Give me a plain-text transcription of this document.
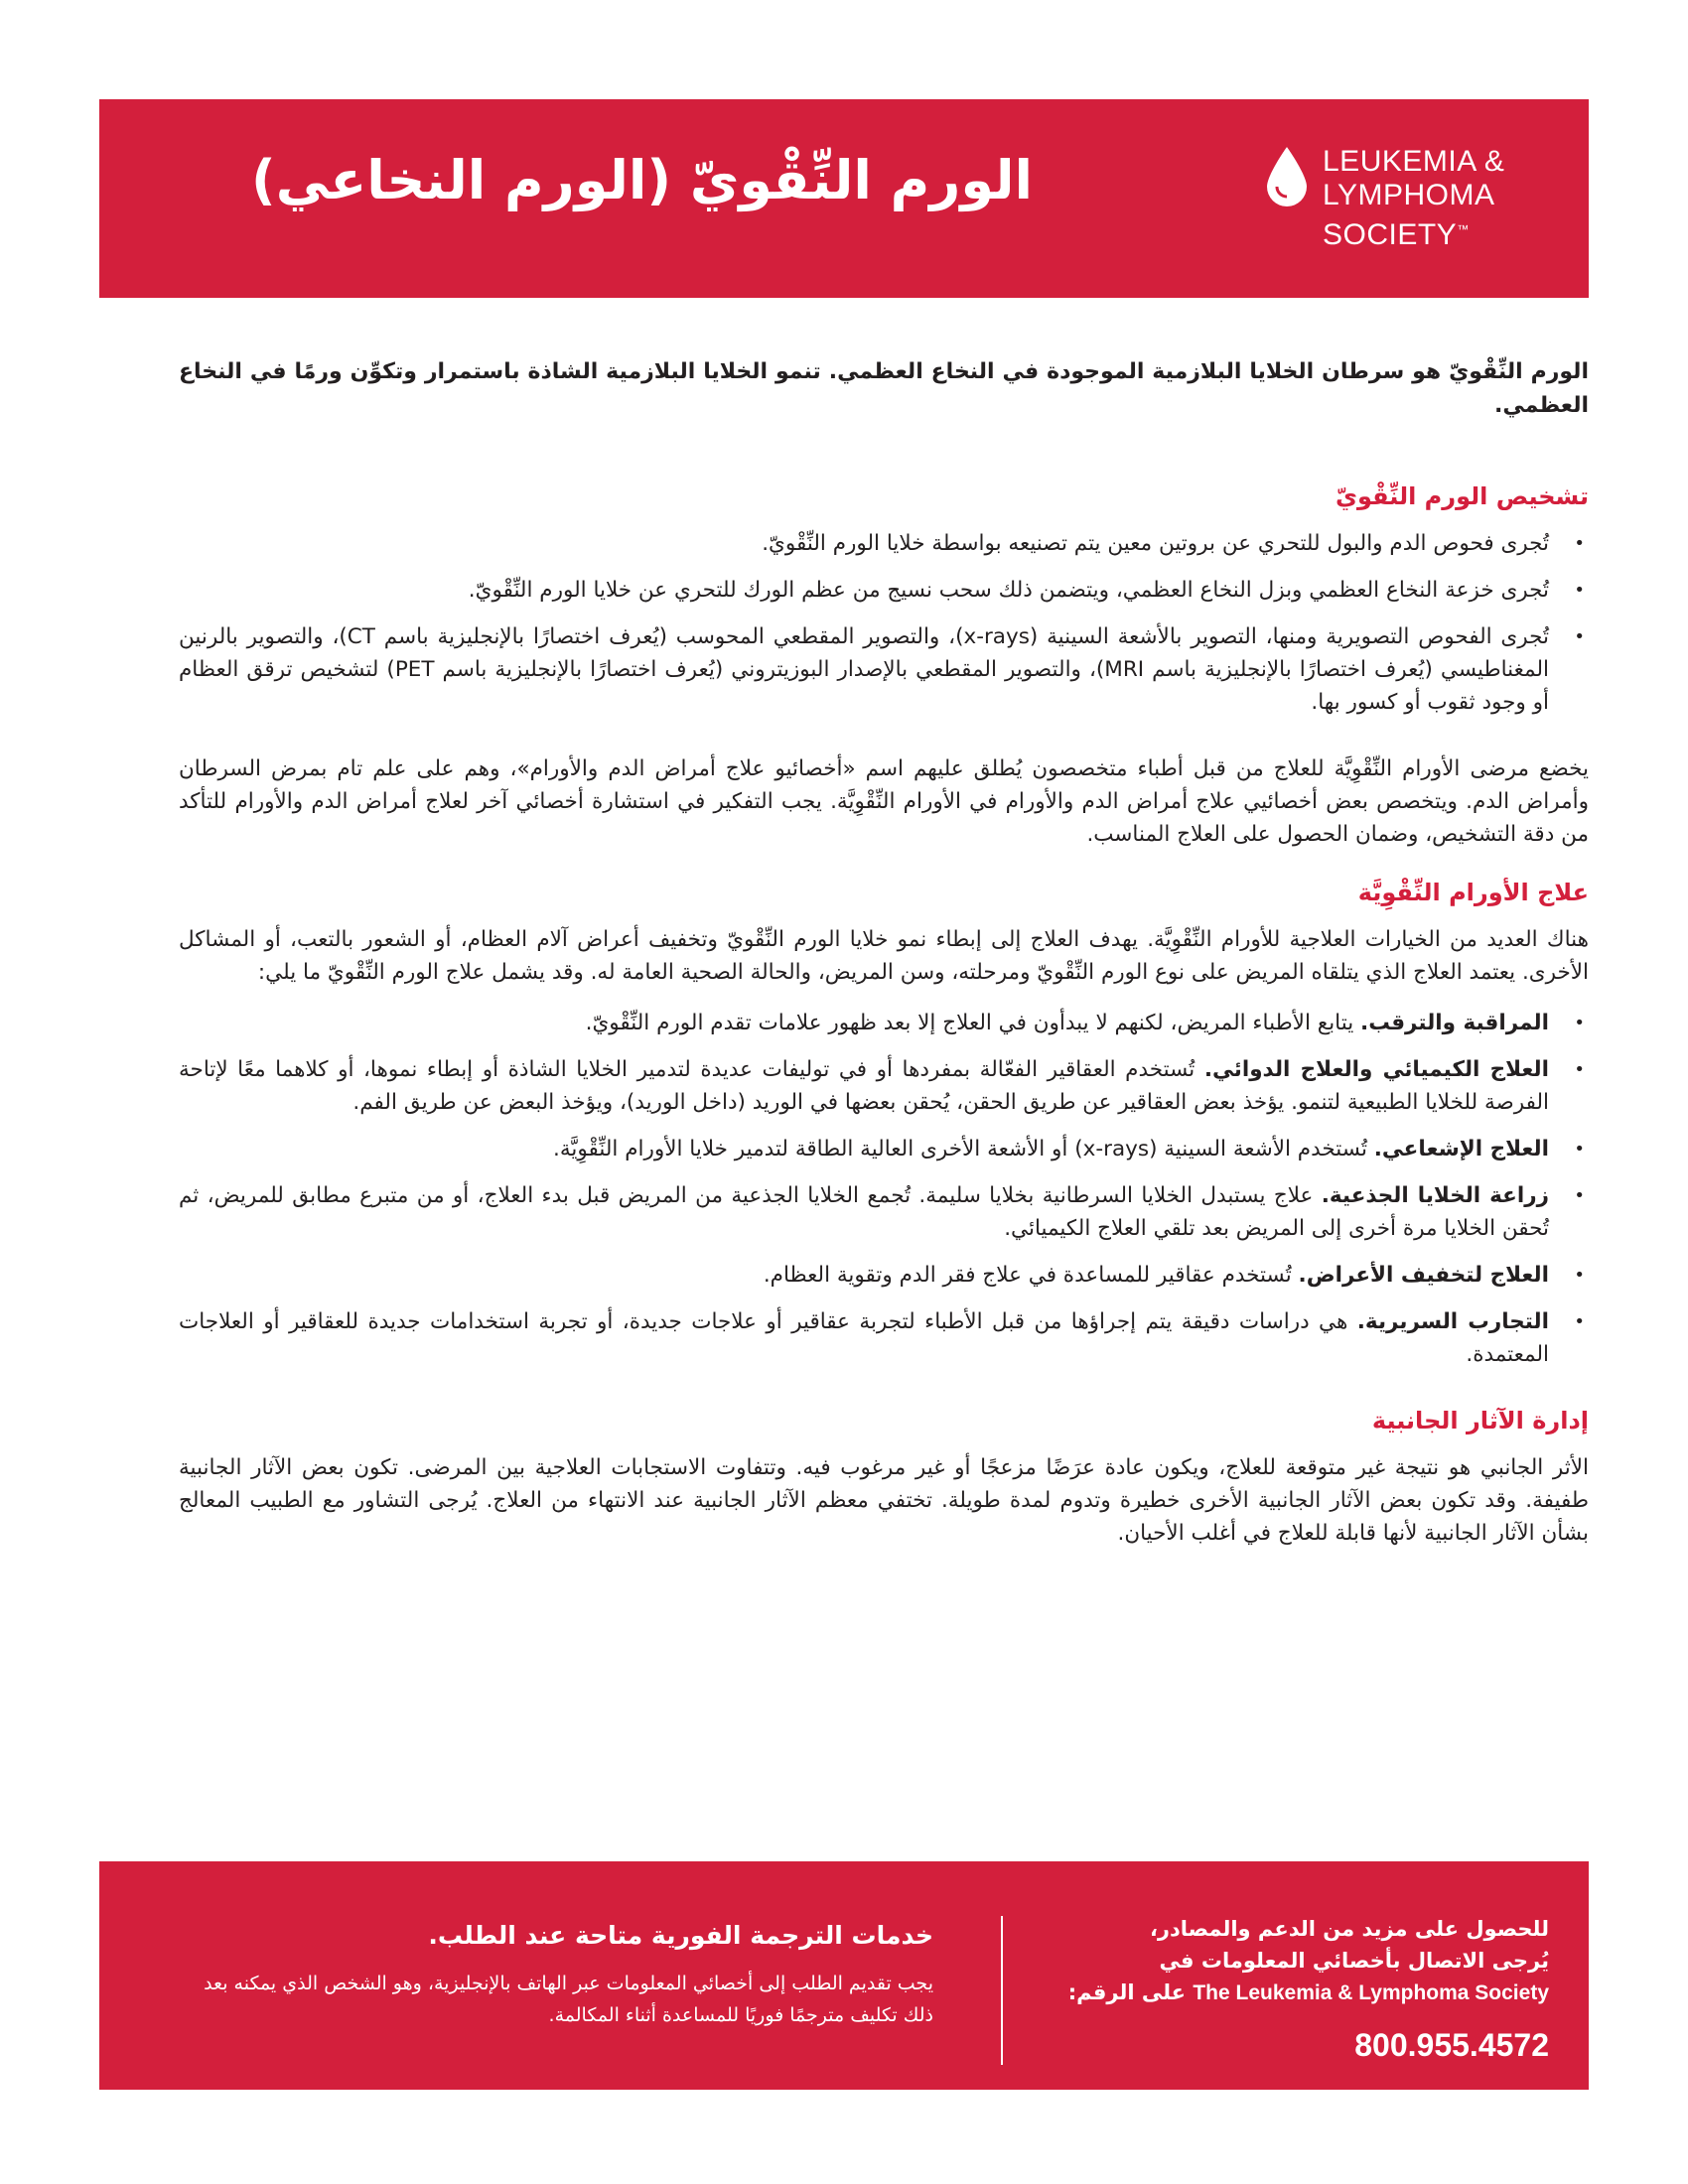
LEUKEMIA &
LYMPHOMA
SOCIETY™
الورم النِّقْويّ (الورم النخاعي)

الورم النِّقْويّ هو سرطان الخلايا البلازمية الموجودة في النخاع العظمي. تنمو الخلايا البلازمية الشاذة باستمرار وتكوِّن ورمًا في النخاع العظمي.

تشخيص الورم النِّقْويّ
•
تُجرى فحوص الدم والبول للتحري عن بروتين معين يتم تصنيعه بواسطة خلايا الورم النِّقْويّ.
•
تُجرى خزعة النخاع العظمي وبزل النخاع العظمي، ويتضمن ذلك سحب نسيج من عظم الورك للتحري عن خلايا الورم النِّقْويّ.
•
تُجرى الفحوص التصويرية ومنها، التصوير بالأشعة السينية (x-rays)، والتصوير المقطعي المحوسب (يُعرف اختصارًا بالإنجليزية باسم CT)، والتصوير بالرنين المغناطيسي (يُعرف اختصارًا بالإنجليزية باسم MRI)، والتصوير المقطعي بالإصدار البوزيتروني (يُعرف اختصارًا بالإنجليزية باسم PET) لتشخيص ترقق العظام أو وجود ثقوب أو كسور بها.

يخضع مرضى الأورام النِّقْوِيَّة للعلاج من قبل أطباء متخصصون يُطلق عليهم اسم «أخصائيو علاج أمراض الدم والأورام»، وهم على علم تام بمرض السرطان وأمراض الدم. ويتخصص بعض أخصائيي علاج أمراض الدم والأورام في الأورام النِّقْوِيَّة. يجب التفكير في استشارة أخصائي آخر لعلاج أمراض الدم والأورام للتأكد من دقة التشخيص، وضمان الحصول على العلاج المناسب.

علاج الأورام النِّقْوِيَّة

هناك العديد من الخيارات العلاجية للأورام النِّقْوِيَّة. يهدف العلاج إلى إبطاء نمو خلايا الورم النِّقْويّ وتخفيف أعراض آلام العظام، أو الشعور بالتعب، أو المشاكل الأخرى. يعتمد العلاج الذي يتلقاه المريض على نوع الورم النِّقْويّ ومرحلته، وسن المريض، والحالة الصحية العامة له. وقد يشمل علاج الورم النِّقْويّ ما يلي:

•
المراقبة والترقب. يتابع الأطباء المريض، لكنهم لا يبدأون في العلاج إلا بعد ظهور علامات تقدم الورم النِّقْويّ.
•
العلاج الكيميائي والعلاج الدوائي. تُستخدم العقاقير الفعّالة بمفردها أو في توليفات عديدة لتدمير الخلايا الشاذة أو إبطاء نموها، أو كلاهما معًا لإتاحة الفرصة للخلايا الطبيعية لتنمو. يؤخذ بعض العقاقير عن طريق الحقن، يُحقن بعضها في الوريد (داخل الوريد)، ويؤخذ البعض عن طريق الفم.
•
العلاج الإشعاعي. تُستخدم الأشعة السينية (x-rays) أو الأشعة الأخرى العالية الطاقة لتدمير خلايا الأورام النِّقْوِيَّة.
•
زراعة الخلايا الجذعية. علاج يستبدل الخلايا السرطانية بخلايا سليمة. تُجمع الخلايا الجذعية من المريض قبل بدء العلاج، أو من متبرع مطابق للمريض، ثم تُحقن الخلايا مرة أخرى إلى المريض بعد تلقي العلاج الكيميائي.
•
العلاج لتخفيف الأعراض. تُستخدم عقاقير للمساعدة في علاج فقر الدم وتقوية العظام.
•
التجارب السريرية. هي دراسات دقيقة يتم إجراؤها من قبل الأطباء لتجربة عقاقير أو علاجات جديدة، أو تجربة استخدامات جديدة للعقاقير أو العلاجات المعتمدة.
إدارة الآثار الجانبية

الأثر الجانبي هو نتيجة غير متوقعة للعلاج، ويكون عادة عرَضًا مزعجًا أو غير مرغوب فيه. وتتفاوت الاستجابات العلاجية بين المرضى. تكون بعض الآثار الجانبية طفيفة. وقد تكون بعض الآثار الجانبية الأخرى خطيرة وتدوم لمدة طويلة. تختفي معظم الآثار الجانبية عند الانتهاء من العلاج. يُرجى التشاور مع الطبيب المعالج بشأن الآثار الجانبية لأنها قابلة للعلاج في أغلب الأحيان.

للحصول على مزيد من الدعم والمصادر،
يُرجى الاتصال بأخصائي المعلومات في
The Leukemia & Lymphoma Society على الرقم:
800.955.4572
خدمات الترجمة الفورية متاحة عند الطلب.
يجب تقديم الطلب إلى أخصائي المعلومات عبر الهاتف بالإنجليزية، وهو الشخص الذي يمكنه بعد ذلك تكليف مترجمًا فوريًا للمساعدة أثناء المكالمة.
